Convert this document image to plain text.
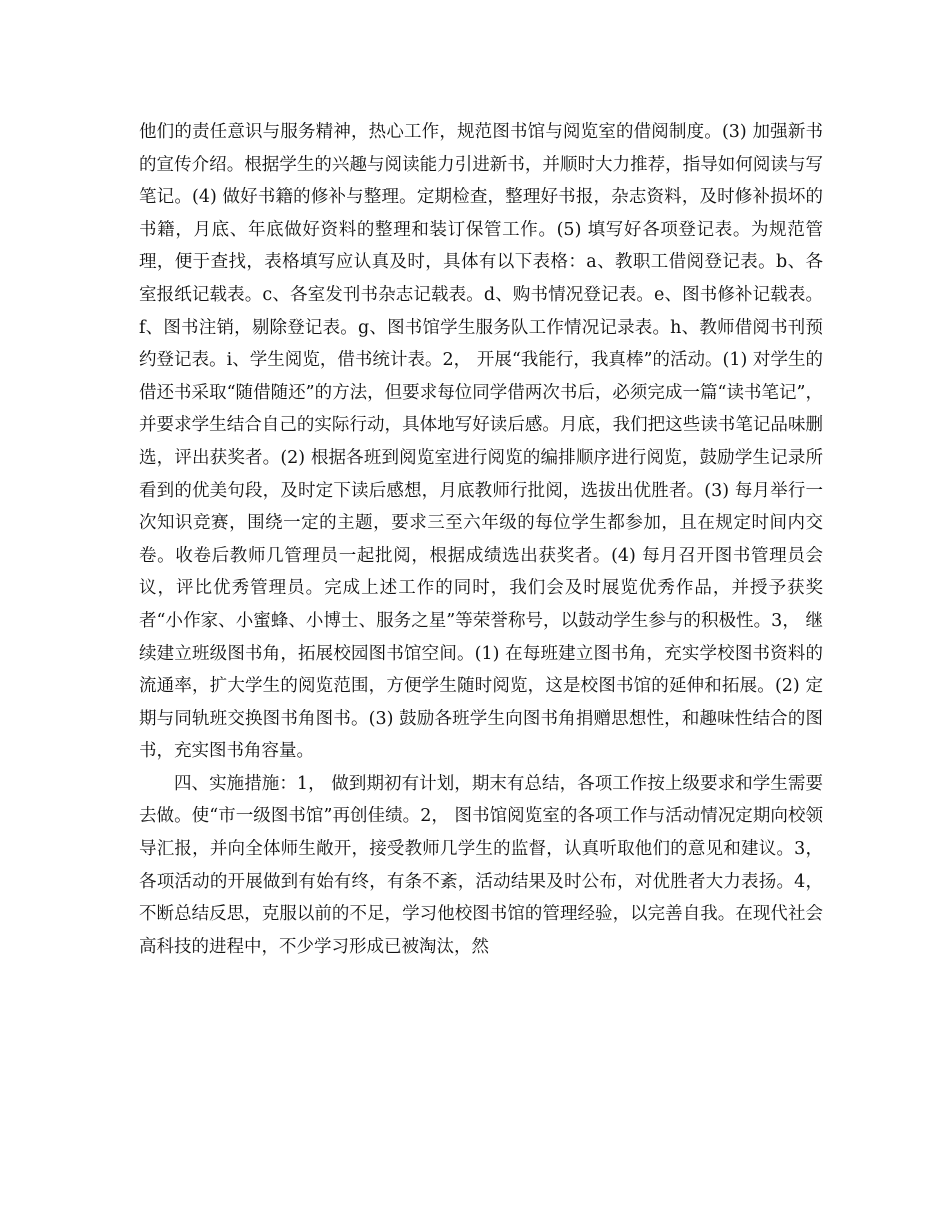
他们的责任意识与服务精神，热心工作，规范图书馆与阅览室的借阅制度。(3) 加强新书的宣传介绍。根据学生的兴趣与阅读能力引进新书，并顺时大力推荐，指导如何阅读与写笔记。(4) 做好书籍的修补与整理。定期检查，整理好书报，杂志资料，及时修补损坏的书籍，月底、年底做好资料的整理和装订保管工作。(5) 填写好各项登记表。为规范管理，便于查找，表格填写应认真及时，具体有以下表格：a、教职工借阅登记表。b、各室报纸记载表。c、各室发刊书杂志记载表。d、购书情况登记表。e、图书修补记载表。f、图书注销，剔除登记表。g、图书馆学生服务队工作情况记录表。h、教师借阅书刊预约登记表。i、学生阅览，借书统计表。2， 开展“我能行，我真棒”的活动。(1) 对学生的借还书采取“随借随还”的方法，但要求每位同学借两次书后，必须完成一篇“读书笔记”，并要求学生结合自己的实际行动，具体地写好读后感。月底，我们把这些读书笔记品味删选，评出获奖者。(2) 根据各班到阅览室进行阅览的编排顺序进行阅览，鼓励学生记录所看到的优美句段，及时定下读后感想，月底教师行批阅，选拔出优胜者。(3) 每月举行一次知识竞赛，围绕一定的主题，要求三至六年级的每位学生都参加，且在规定时间内交卷。收卷后教师几管理员一起批阅，根据成绩选出获奖者。(4) 每月召开图书管理员会议，评比优秀管理员。完成上述工作的同时，我们会及时展览优秀作品，并授予获奖者“小作家、小蜜蜂、小博士、服务之星”等荣誉称号，以鼓动学生参与的积极性。3， 继续建立班级图书角，拓展校园图书馆空间。(1) 在每班建立图书角，充实学校图书资料的流通率，扩大学生的阅览范围，方便学生随时阅览，这是校图书馆的延伸和拓展。(2) 定期与同轨班交换图书角图书。(3) 鼓励各班学生向图书角捐赠思想性，和趣味性结合的图书，充实图书角容量。

四、实施措施：1， 做到期初有计划，期末有总结，各项工作按上级要求和学生需要去做。使“市一级图书馆”再创佳绩。2， 图书馆阅览室的各项工作与活动情况定期向校领导汇报，并向全体师生敞开，接受教师几学生的监督，认真听取他们的意见和建议。3， 各项活动的开展做到有始有终，有条不紊，活动结果及时公布，对优胜者大力表扬。4， 不断总结反思，克服以前的不足，学习他校图书馆的管理经验，以完善自我。在现代社会高科技的进程中，不少学习形成已被淘汰，然
